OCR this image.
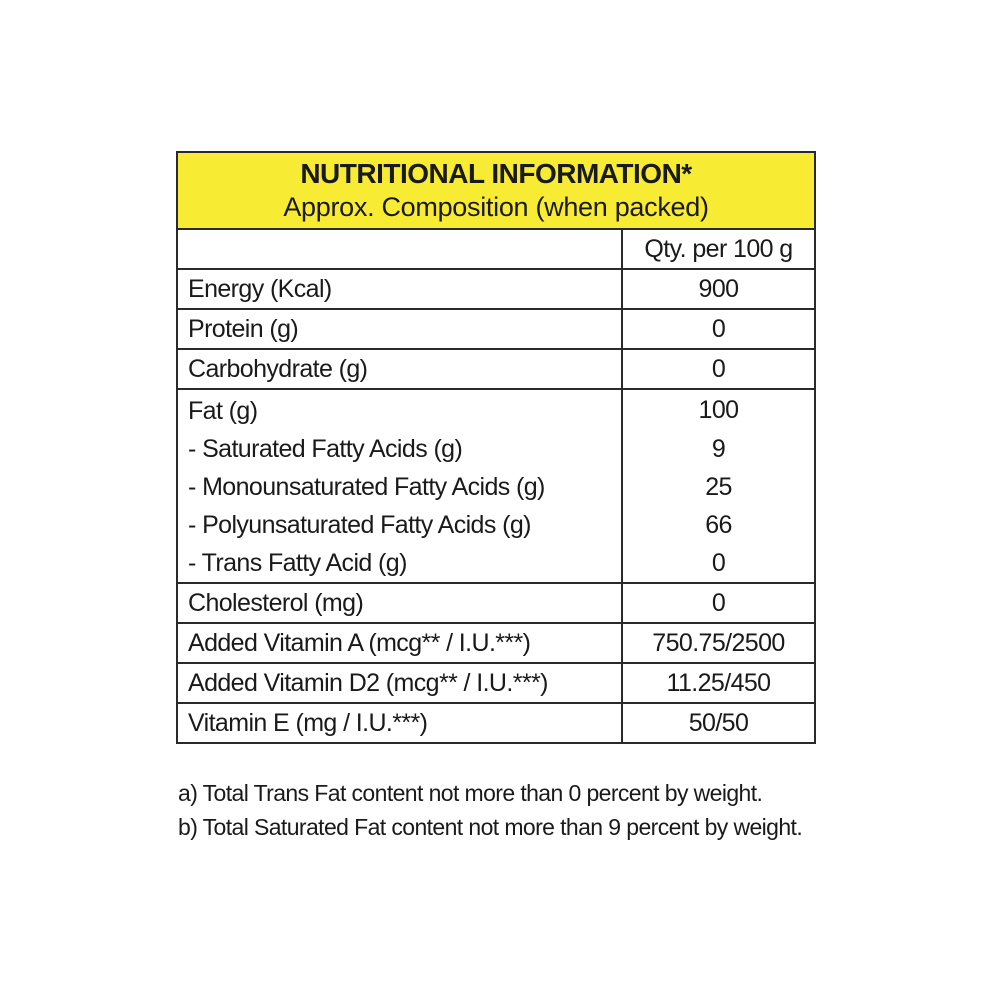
NUTRITIONAL INFORMATION*
Approx. Composition (when packed)
	Qty. per 100 g
Energy (Kcal)	900
Protein (g)	0
Carbohydrate (g)	0
Fat (g)	100
- Saturated Fatty Acids (g)	9
- Monounsaturated Fatty Acids (g)	25
- Polyunsaturated Fatty Acids (g)	66
- Trans Fatty Acid (g)	0
Cholesterol (mg)	0
Added Vitamin A (mcg** / I.U.***)	750.75/2500
Added Vitamin D2 (mcg** / I.U.***)	11.25/450
Vitamin E (mg / I.U.***)	50/50
a) Total Trans Fat content not more than 0 percent by weight.
b) Total Saturated Fat content not more than 9 percent by weight.
